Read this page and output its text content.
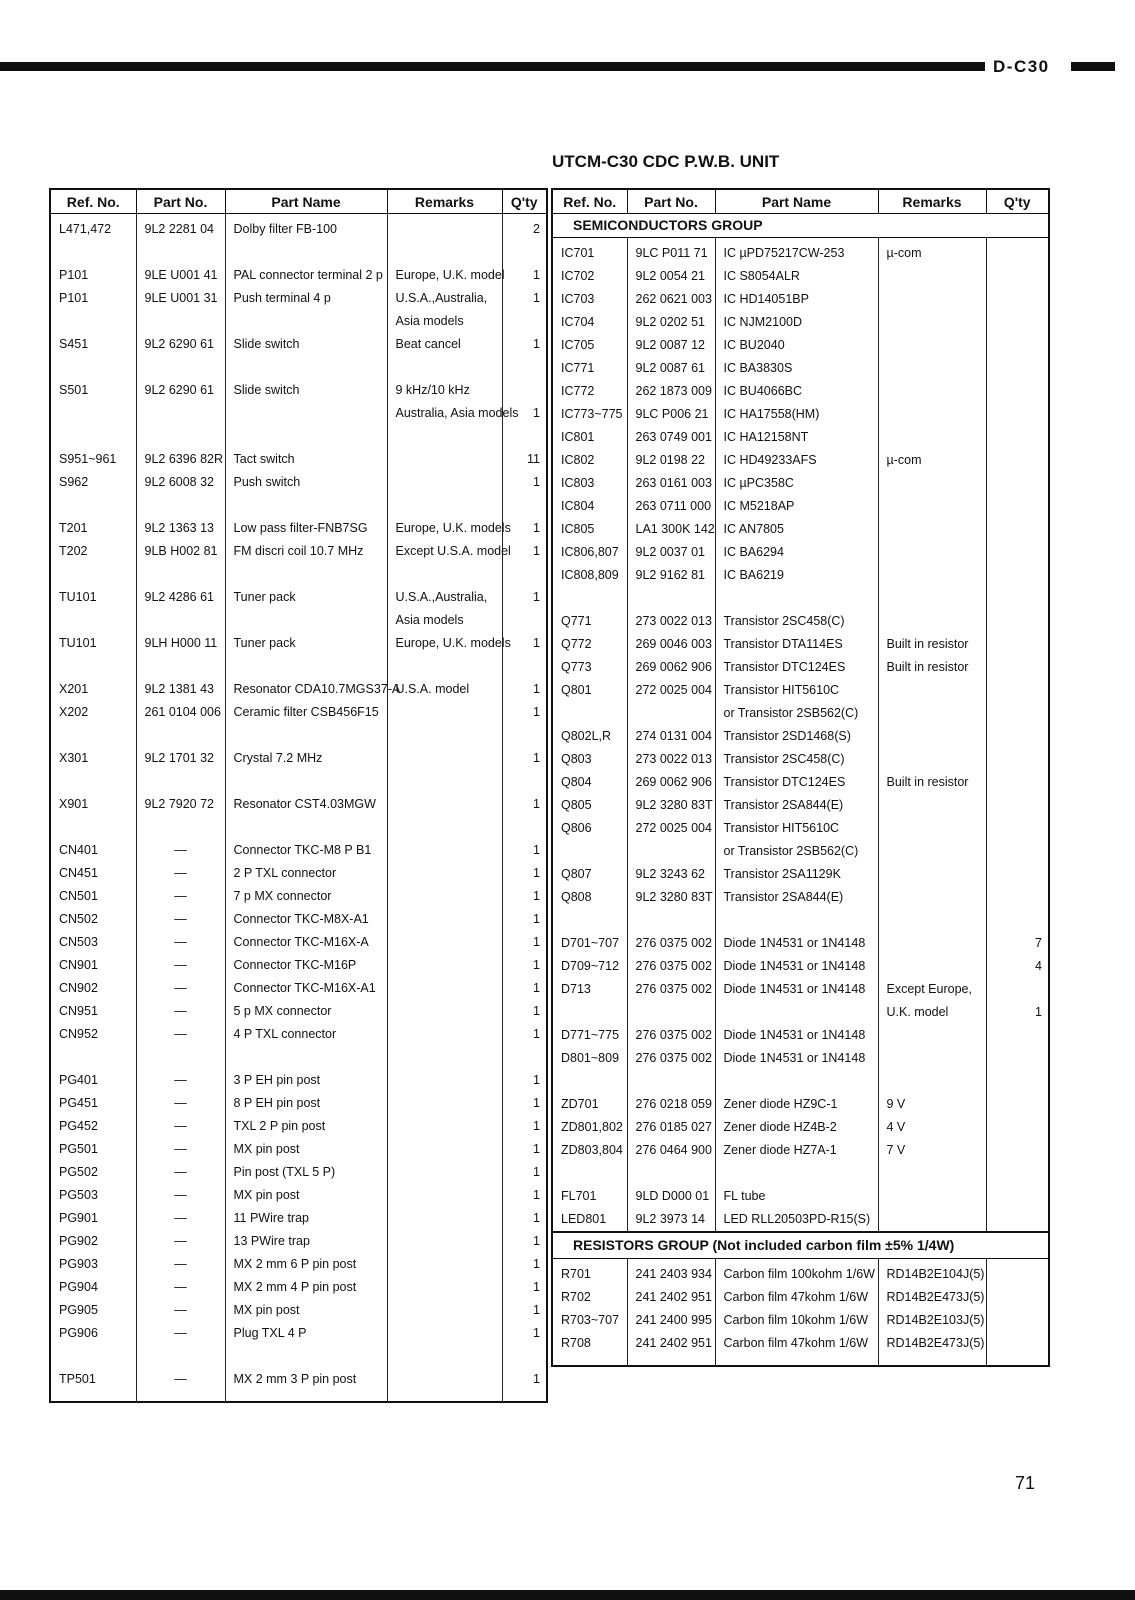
D-C30
UTCM-C30 CDC P.W.B. UNIT
Ref. No.	Part No.	Part Name	Remarks	Q'ty
L471,472	9L2 2281 04	Dolby filter FB-100		2

P101	9LE U001 41	PAL connector terminal 2 p	Europe, U.K. model	1
P101	9LE U001 31	Push terminal 4 p	U.S.A.,Australia,	1
			Asia models	
S451	9L2 6290 61	Slide switch	Beat cancel	1

S501	9L2 6290 61	Slide switch	9 kHz/10 kHz	
			Australia, Asia models	1

S951~961	9L2 6396 82R	Tact switch		11
S962	9L2 6008 32	Push switch		1

T201	9L2 1363 13	Low pass filter-FNB7SG	Europe, U.K. models	1
T202	9LB H002 81	FM discri coil 10.7 MHz	Except U.S.A. model	1

TU101	9L2 4286 61	Tuner pack	U.S.A.,Australia,	1
			Asia models	
TU101	9LH H000 11	Tuner pack	Europe, U.K. models	1

X201	9L2 1381 43	Resonator CDA10.7MGS37-A	U.S.A. model	1
X202	261 0104 006	Ceramic filter CSB456F15		1

X301	9L2 1701 32	Crystal 7.2 MHz		1

X901	9L2 7920 72	Resonator CST4.03MGW		1

CN401	—	Connector TKC-M8 P B1		1
CN451	—	2 P TXL connector		1
CN501	—	7 p MX connector		1
CN502	—	Connector TKC-M8X-A1		1
CN503	—	Connector TKC-M16X-A		1
CN901	—	Connector TKC-M16P		1
CN902	—	Connector TKC-M16X-A1		1
CN951	—	5 p MX connector		1
CN952	—	4 P TXL connector		1

PG401	—	3 P EH pin post		1
PG451	—	8 P EH pin post		1
PG452	—	TXL 2 P pin post		1
PG501	—	MX pin post		1
PG502	—	Pin post (TXL 5 P)		1
PG503	—	MX pin post		1
PG901	—	11 PWire trap		1
PG902	—	13 PWire trap		1
PG903	—	MX 2 mm 6 P pin post		1
PG904	—	MX 2 mm 4 P pin post		1
PG905	—	MX pin post		1
PG906	—	Plug TXL 4 P		1

TP501	—	MX 2 mm 3 P pin post		1

Ref. No.	Part No.	Part Name	Remarks	Q'ty
SEMICONDUCTORS GROUP				
IC701	9LC P011 71	IC µPD75217CW-253	µ-com	
IC702	9L2 0054 21	IC S8054ALR		
IC703	262 0621 003	IC HD14051BP		
IC704	9L2 0202 51	IC NJM2100D		
IC705	9L2 0087 12	IC BU2040		
IC771	9L2 0087 61	IC BA3830S		
IC772	262 1873 009	IC BU4066BC		
IC773~775	9LC P006 21	IC HA17558(HM)		
IC801	263 0749 001	IC HA12158NT		
IC802	9L2 0198 22	IC HD49233AFS	µ-com	
IC803	263 0161 003	IC µPC358C		
IC804	263 0711 000	IC M5218AP		
IC805	LA1 300K 142	IC AN7805		
IC806,807	9L2 0037 01	IC BA6294		
IC808,809	9L2 9162 81	IC BA6219		

Q771	273 0022 013	Transistor 2SC458(C)		
Q772	269 0046 003	Transistor DTA114ES	Built in resistor	
Q773	269 0062 906	Transistor DTC124ES	Built in resistor	
Q801	272 0025 004	Transistor HIT5610C		
		or Transistor 2SB562(C)		
Q802L,R	274 0131 004	Transistor 2SD1468(S)		
Q803	273 0022 013	Transistor 2SC458(C)		
Q804	269 0062 906	Transistor DTC124ES	Built in resistor	
Q805	9L2 3280 83T	Transistor 2SA844(E)		
Q806	272 0025 004	Transistor HIT5610C		
		or Transistor 2SB562(C)		
Q807	9L2 3243 62	Transistor 2SA1129K		
Q808	9L2 3280 83T	Transistor 2SA844(E)		

D701~707	276 0375 002	Diode 1N4531 or 1N4148		7
D709~712	276 0375 002	Diode 1N4531 or 1N4148		4
D713	276 0375 002	Diode 1N4531 or 1N4148	Except Europe,	
			U.K. model	1
D771~775	276 0375 002	Diode 1N4531 or 1N4148		
D801~809	276 0375 002	Diode 1N4531 or 1N4148		

ZD701	276 0218 059	Zener diode HZ9C-1	9 V	
ZD801,802	276 0185 027	Zener diode HZ4B-2	4 V	
ZD803,804	276 0464 900	Zener diode HZ7A-1	7 V	

FL701	9LD D000 01	FL tube		
LED801	9L2 3973 14	LED RLL20503PD-R15(S)		
RESISTORS GROUP (Not included carbon film ±5% 1/4W)				
R701	241 2403 934	Carbon film 100kohm 1/6W	RD14B2E104J(5)	
R702	241 2402 951	Carbon film 47kohm 1/6W	RD14B2E473J(5)	
R703~707	241 2400 995	Carbon film 10kohm 1/6W	RD14B2E103J(5)	
R708	241 2402 951	Carbon film 47kohm 1/6W	RD14B2E473J(5)	

71
